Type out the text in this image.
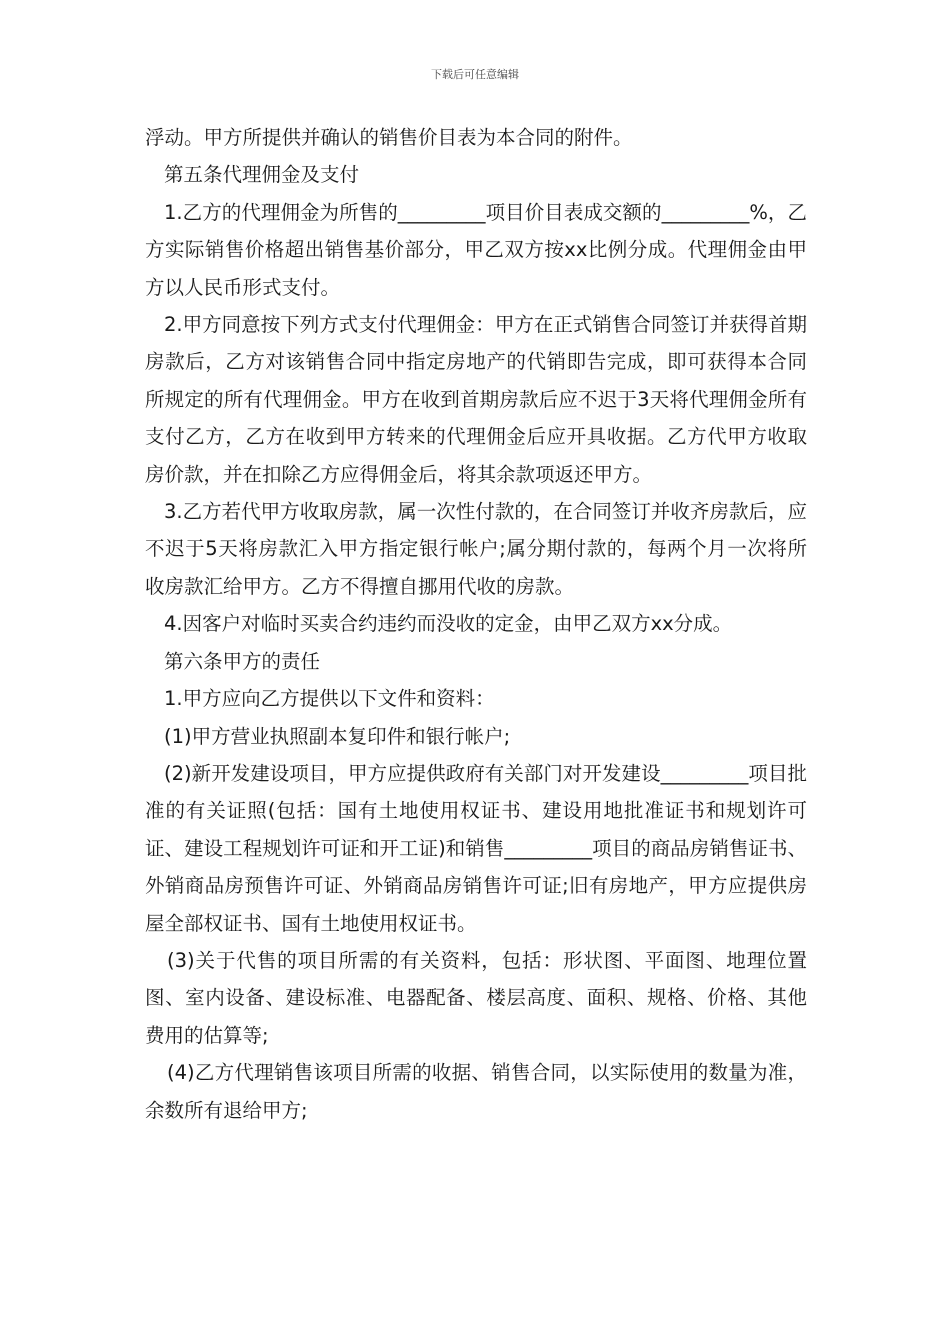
下载后可任意编辑

浮动。甲方所提供并确认的销售价目表为本合同的附件。

第五条代理佣金及支付

1.乙方的代理佣金为所售的_________项目价目表成交额的_________%，乙方实际销售价格超出销售基价部分，甲乙双方按xx比例分成。代理佣金由甲方以人民币形式支付。

2.甲方同意按下列方式支付代理佣金：甲方在正式销售合同签订并获得首期房款后，乙方对该销售合同中指定房地产的代销即告完成，即可获得本合同所规定的所有代理佣金。甲方在收到首期房款后应不迟于3天将代理佣金所有支付乙方，乙方在收到甲方转来的代理佣金后应开具收据。乙方代甲方收取房价款，并在扣除乙方应得佣金后，将其余款项返还甲方。

3.乙方若代甲方收取房款，属一次性付款的，在合同签订并收齐房款后，应不迟于5天将房款汇入甲方指定银行帐户;属分期付款的，每两个月一次将所收房款汇给甲方。乙方不得擅自挪用代收的房款。

4.因客户对临时买卖合约违约而没收的定金，由甲乙双方xx分成。

第六条甲方的责任

1.甲方应向乙方提供以下文件和资料：

(1)甲方营业执照副本复印件和银行帐户;

(2)新开发建设项目，甲方应提供政府有关部门对开发建设_________项目批准的有关证照(包括：国有土地使用权证书、建设用地批准证书和规划许可证、建设工程规划许可证和开工证)和销售_________项目的商品房销售证书、外销商品房预售许可证、外销商品房销售许可证;旧有房地产，甲方应提供房屋全部权证书、国有土地使用权证书。

(3)关于代售的项目所需的有关资料，包括：形状图、平面图、地理位置图、室内设备、建设标准、电器配备、楼层高度、面积、规格、价格、其他费用的估算等;

(4)乙方代理销售该项目所需的收据、销售合同，以实际使用的数量为准，余数所有退给甲方;
